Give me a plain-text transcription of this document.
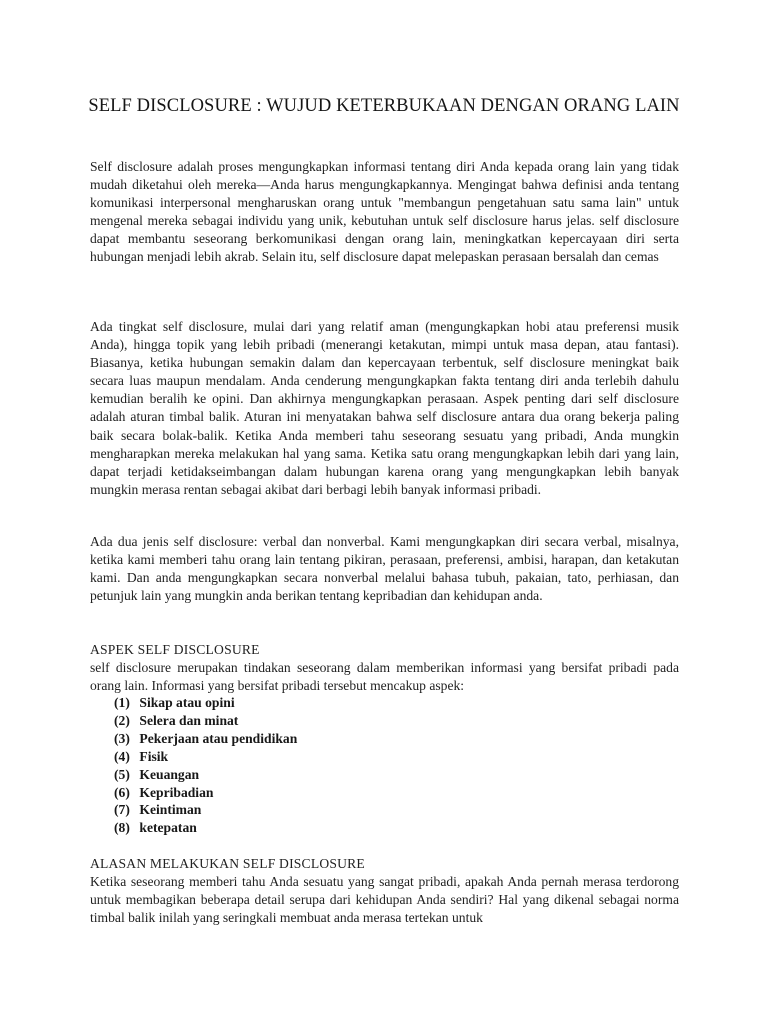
SELF DISCLOSURE : WUJUD KETERBUKAAN DENGAN ORANG LAIN

Self disclosure adalah proses mengungkapkan informasi tentang diri Anda kepada orang lain yang tidak mudah diketahui oleh mereka—Anda harus mengungkapkannya. Mengingat bahwa definisi anda tentang komunikasi interpersonal mengharuskan orang untuk "membangun pengetahuan satu sama lain" untuk mengenal mereka sebagai individu yang unik, kebutuhan untuk self disclosure harus jelas. self disclosure dapat membantu seseorang berkomunikasi dengan orang lain, meningkatkan kepercayaan diri serta hubungan menjadi lebih akrab. Selain itu, self disclosure dapat melepaskan perasaan bersalah dan cemas

Ada tingkat self disclosure, mulai dari yang relatif aman (mengungkapkan hobi atau preferensi musik Anda), hingga topik yang lebih pribadi (menerangi ketakutan, mimpi untuk masa depan, atau fantasi). Biasanya, ketika hubungan semakin dalam dan kepercayaan terbentuk, self disclosure meningkat baik secara luas maupun mendalam. Anda cenderung mengungkapkan fakta tentang diri anda terlebih dahulu kemudian beralih ke opini. Dan akhirnya mengungkapkan perasaan. Aspek penting dari self disclosure adalah aturan timbal balik. Aturan ini menyatakan bahwa self disclosure antara dua orang bekerja paling baik secara bolak-balik. Ketika Anda memberi tahu seseorang sesuatu yang pribadi, Anda mungkin mengharapkan mereka melakukan hal yang sama. Ketika satu orang mengungkapkan lebih dari yang lain, dapat terjadi ketidakseimbangan dalam hubungan karena orang yang mengungkapkan lebih banyak mungkin merasa rentan sebagai akibat dari berbagi lebih banyak informasi pribadi.

Ada dua jenis self disclosure: verbal dan nonverbal. Kami mengungkapkan diri secara verbal, misalnya, ketika kami memberi tahu orang lain tentang pikiran, perasaan, preferensi, ambisi, harapan, dan ketakutan kami. Dan anda mengungkapkan secara nonverbal melalui bahasa tubuh, pakaian, tato, perhiasan, dan petunjuk lain yang mungkin anda berikan tentang kepribadian dan kehidupan anda.

ASPEK SELF DISCLOSURE

self disclosure merupakan tindakan seseorang dalam memberikan informasi yang bersifat pribadi pada orang lain. Informasi yang bersifat pribadi tersebut mencakup aspek:

(1) Sikap atau opini
(2) Selera dan minat
(3) Pekerjaan atau pendidikan
(4) Fisik
(5) Keuangan
(6) Kepribadian
(7) Keintiman
(8) ketepatan
ALASAN MELAKUKAN SELF DISCLOSURE

Ketika seseorang memberi tahu Anda sesuatu yang sangat pribadi, apakah Anda pernah merasa terdorong untuk membagikan beberapa detail serupa dari kehidupan Anda sendiri? Hal yang dikenal sebagai norma timbal balik inilah yang seringkali membuat anda merasa tertekan untuk
